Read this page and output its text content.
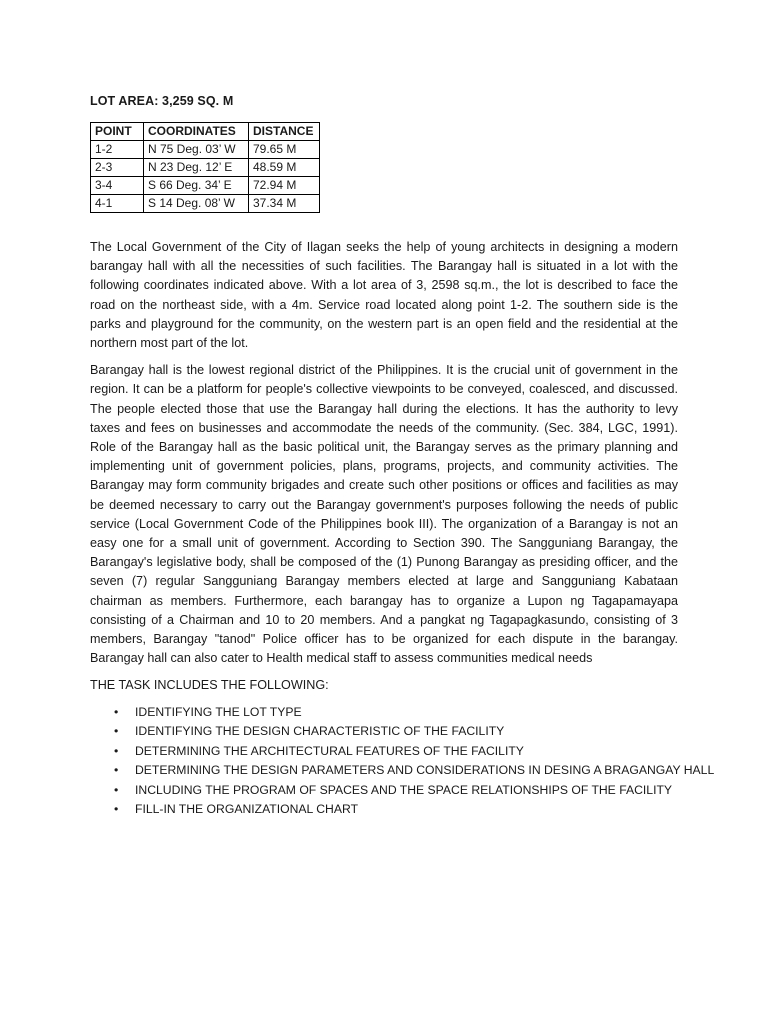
LOT AREA: 3,259 SQ. M
POINT	COORDINATES	DISTANCE
1-2	N 75 Deg. 03’ W	79.65 M
2-3	N 23 Deg. 12’ E	48.59 M
3-4	S 66 Deg. 34’ E	72.94 M
4-1	S 14 Deg. 08’ W	37.34 M

The Local Government of the City of Ilagan seeks the help of young architects in designing a modern barangay hall with all the necessities of such facilities. The Barangay hall is situated in a lot with the following coordinates indicated above. With a lot area of 3, 2598 sq.m., the lot is described to face the road on the northeast side, with a 4m. Service road located along point 1-2. The southern side is the parks and playground for the community, on the western part is an open field and the residential at the northern most part of the lot.

Barangay hall is the lowest regional district of the Philippines. It is the crucial unit of government in the region. It can be a platform for people's collective viewpoints to be conveyed, coalesced, and discussed. The people elected those that use the Barangay hall during the elections. It has the authority to levy taxes and fees on businesses and accommodate the needs of the community. (Sec. 384, LGC, 1991). Role of the Barangay hall as the basic political unit, the Barangay serves as the primary planning and implementing unit of government policies, plans, programs, projects, and community activities. The Barangay may form community brigades and create such other positions or offices and facilities as may be deemed necessary to carry out the Barangay government's purposes following the needs of public service (Local Government Code of the Philippines book III). The organization of a Barangay is not an easy one for a small unit of government. According to Section 390. The Sangguniang Barangay, the Barangay's legislative body, shall be composed of the (1) Punong Barangay as presiding officer, and the seven (7) regular Sangguniang Barangay members elected at large and Sangguniang Kabataan chairman as members. Furthermore, each barangay has to organize a Lupon ng Tagapamayapa consisting of a Chairman and 10 to 20 members. And a pangkat ng Tagapagkasundo, consisting of 3 members, Barangay "tanod" Police officer has to be organized for each dispute in the barangay. Barangay hall can also cater to Health medical staff to assess communities medical needs

THE TASK INCLUDES THE FOLLOWING:

• IDENTIFYING THE LOT TYPE
• IDENTIFYING THE DESIGN CHARACTERISTIC OF THE FACILITY
• DETERMINING THE ARCHITECTURAL FEATURES OF THE FACILITY
• DETERMINING THE DESIGN PARAMETERS AND CONSIDERATIONS IN DESING A BRAGANGAY HALL
• INCLUDING THE PROGRAM OF SPACES AND THE SPACE RELATIONSHIPS OF THE FACILITY
• FILL-IN THE ORGANIZATIONAL CHART
